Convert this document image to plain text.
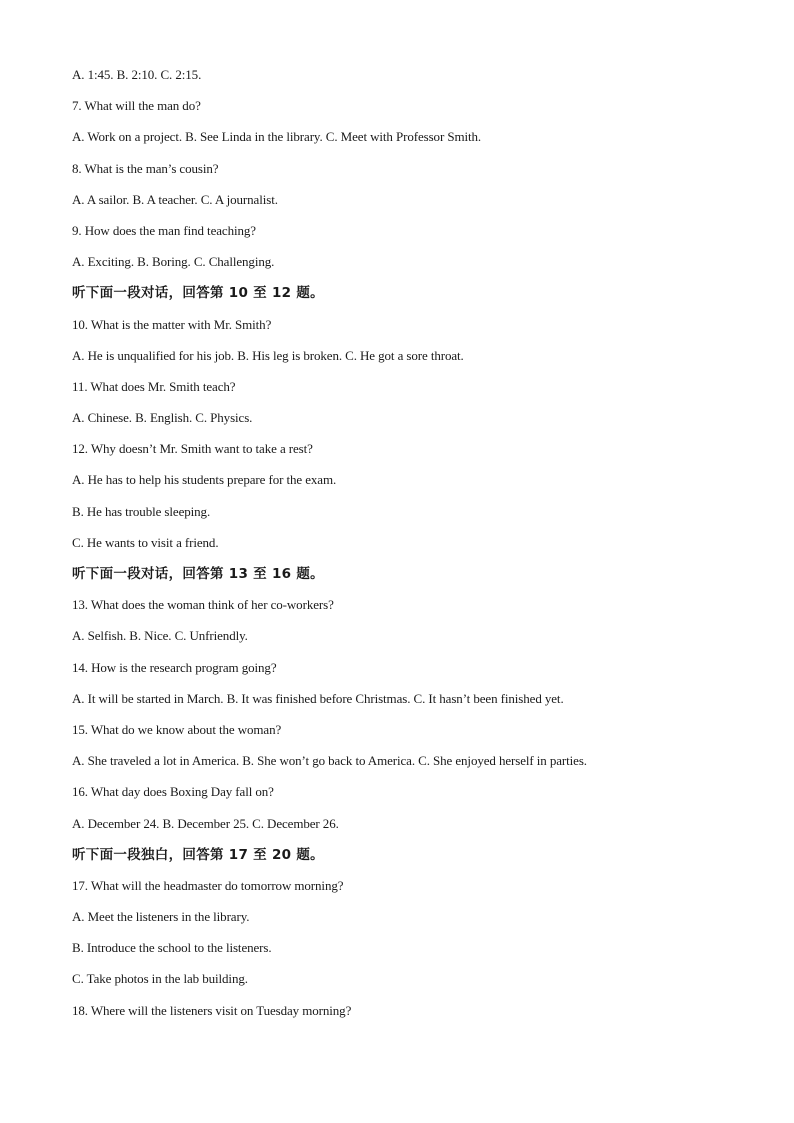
A. 1:45. B. 2:10. C. 2:15.
7. What will the man do?
A. Work on a project. B. See Linda in the library. C. Meet with Professor Smith.
8. What is the man’s cousin?
A. A sailor. B. A teacher. C. A journalist.
9. How does the man find teaching?
A. Exciting. B. Boring. C. Challenging.
听下面一段对话，回答第 10 至 12 题。
10. What is the matter with Mr. Smith?
A. He is unqualified for his job. B. His leg is broken. C. He got a sore throat.
11. What does Mr. Smith teach?
A. Chinese. B. English. C. Physics.
12. Why doesn’t Mr. Smith want to take a rest?
A. He has to help his students prepare for the exam.
B. He has trouble sleeping.
C. He wants to visit a friend.
听下面一段对话，回答第 13 至 16 题。
13. What does the woman think of her co-workers?
A. Selfish. B. Nice. C. Unfriendly.
14. How is the research program going?
A. It will be started in March. B. It was finished before Christmas. C. It hasn’t been finished yet.
15. What do we know about the woman?
A. She traveled a lot in America. B. She won’t go back to America. C. She enjoyed herself in parties.
16. What day does Boxing Day fall on?
A. December 24. B. December 25. C. December 26.
听下面一段独白，回答第 17 至 20 题。
17. What will the headmaster do tomorrow morning?
A. Meet the listeners in the library.
B. Introduce the school to the listeners.
C. Take photos in the lab building.
18. Where will the listeners visit on Tuesday morning?
